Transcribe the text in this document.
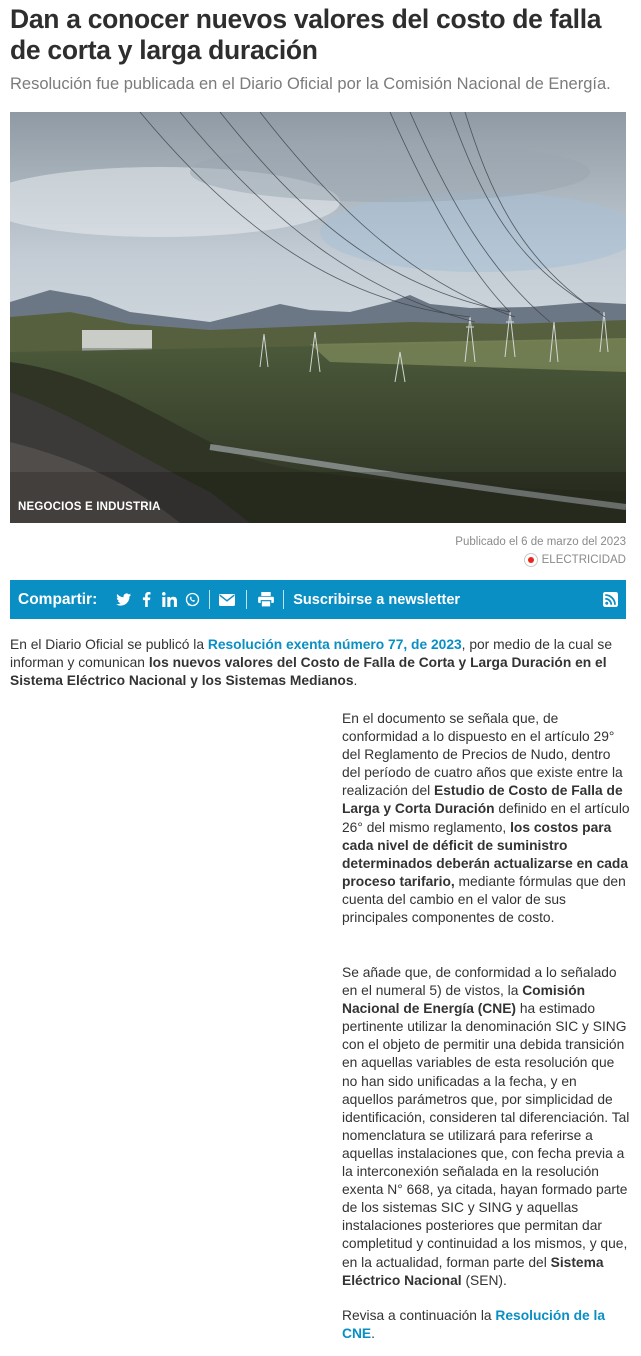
Dan a conocer nuevos valores del costo de falla de corta y larga duración

Resolución fue publicada en el Diario Oficial por la Comisión Nacional de Energía.

NEGOCIOS E INDUSTRIA
Publicado el 6 de marzo del 2023
ELECTRICIDAD
Compartir:	Suscribirse a newsletter

En el Diario Oficial se publicó la Resolución exenta número 77, de 2023, por medio de la cual se informan y comunican los nuevos valores del Costo de Falla de Corta y Larga Duración en el Sistema Eléctrico Nacional y los Sistemas Medianos.

En el documento se señala que, de conformidad a lo dispuesto en el artículo 29° del Reglamento de Precios de Nudo, dentro del período de cuatro años que existe entre la realización del Estudio de Costo de Falla de Larga y Corta Duración definido en el artículo 26° del mismo reglamento, los costos para cada nivel de déficit de suministro determinados deberán actualizarse en cada proceso tarifario, mediante fórmulas que den cuenta del cambio en el valor de sus principales componentes de costo.

Se añade que, de conformidad a lo señalado en el numeral 5) de vistos, la Comisión Nacional de Energía (CNE) ha estimado pertinente utilizar la denominación SIC y SING con el objeto de permitir una debida transición en aquellas variables de esta resolución que no han sido unificadas a la fecha, y en aquellos parámetros que, por simplicidad de identificación, consideren tal diferenciación. Tal nomenclatura se utilizará para referirse a aquellas instalaciones que, con fecha previa a la interconexión señalada en la resolución exenta N° 668, ya citada, hayan formado parte de los sistemas SIC y SING y aquellas instalaciones posteriores que permitan dar completitud y continuidad a los mismos, y que, en la actualidad, forman parte del Sistema Eléctrico Nacional (SEN).

Revisa a continuación la Resolución de la CNE.
